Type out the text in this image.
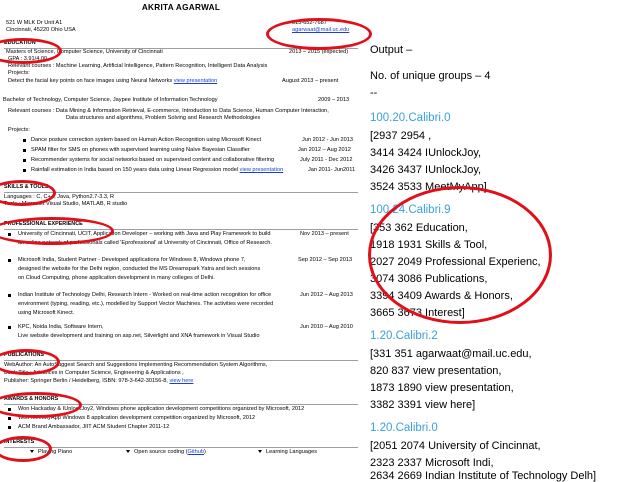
AKRITA AGARWAL
521 W MLK Dr Unit A1
Cincinnati, 45220 Ohio USA
513-652-7687
agarwaat@mail.uc.edu
EDUCATION
Masters of Science, Computer Science, University of Cincinnati	2013 – 2015 (expected)
GPA : 3.91/4.00
Relevant courses : Machine Learning, Artificial Intelligence, Pattern Recognition, Intelligent Data Analysis
Projects:
Detect the facial key points on face images using Neural Networks view presentation	August 2013 – present
Bachelor of Technology, Computer Science, Jaypee Institute of Information Technology	2009 – 2013
Relevant courses : Data Mining & Information Retrieval, E-commerce, Introduction to Data Science, Human Computer Interaction,
Data structures and algorithms, Problem Solving and Research Methodologies
Projects:
Dance posture correction system based on Human Action Recognition using Microsoft Kinect	Jun 2012 - Jun 2013
SPAM filter for SMS on phones with supervised learning using Naïve Bayesian Classifier	Jan 2012 – Aug 2012
Recommender systems for social networks based on supervised content and collaborative filtering	July 2011 - Dec 2012
Rainfall estimation in India based on 150 years data using Linear Regression model view presentation	Jan 2011- Jun2011
SKILLS & TOOLS
Languages : C, C++, Java, Python2.7-3.3, R
Tools : Microsoft Visual Studio, MATLAB, R studio
PROFESSIONAL EXPERIENCE
University of Cincinnati, UCIT, Application Developer – working with Java and Play Framework to build
an online network of professionals called 'Eprofessional' at University of Cincinnati, Office of Research.
Nov 2013 – present
Microsoft India, Student Partner - Developed applications for Windows 8, Windows phone 7,
designed the website for the Delhi region, conducted the MS Dreamspark Yatra and tech sessions
on Cloud Computing, phone application development in many colleges of Delhi.
Sep 2012 – Sep 2013
Indian Institute of Technology Delhi, Research Intern - Worked on real-time action recognition for office
environment (typing, reading, etc.), modelled by Support Vector Machines. The activities were recorded
using Microsoft Kinect.
Jun 2012 – Aug 2013
KPC, Noida India, Software Intern,
Live website development and training on asp.net, Silverlight and XNA framework in Visual Studio
Jun 2010 – Aug 2010
PUBLICATIONS
WebAuthor: An AutoSuggest Search and Suggestions Implementing Recommendation System Algorithms,
Book Title : Advances in Computer Science, Engineering & Applications ,
Publisher: Springer Berlin / Heidelberg, ISBN: 978-3-642-30156-8, view here
AWARDS & HONORS
Won Hackaday & IUnlockJoy2, Windows phone application development competitions organized by Microsoft, 2012
Won MeetMyApp Windows 8 application development competition organized by Microsoft, 2012
ACM Brand Ambassador, JIIT ACM Student Chapter 2011-12
INTERESTS
Playing Piano	Open source coding (Github)	Learning Languages
Output –
No. of unique groups – 4
--
100.20.Calibri.0
[2937 2954 ,
3414 3424 IUnlockJoy,
3426 3437 IUnlockJoy,
3524 3533 MeetMyApp]
100.24.Calibri.9
[353 362 Education,
1918 1931 Skills & Tool,
2027 2049 Professional Experienc,
3074 3086 Publications,
3394 3409 Awards & Honors,
3665 3673 Interest]
1.20.Calibri.2
[331 351 agarwaat@mail.uc.edu,
820 837 view presentation,
1873 1890 view presentation,
3382 3391 view here]
1.20.Calibri.0
[2051 2074 University of Cincinnat,
2323 2337 Microsoft Indi,
2634 2669 Indian Institute of Technology Delh]
